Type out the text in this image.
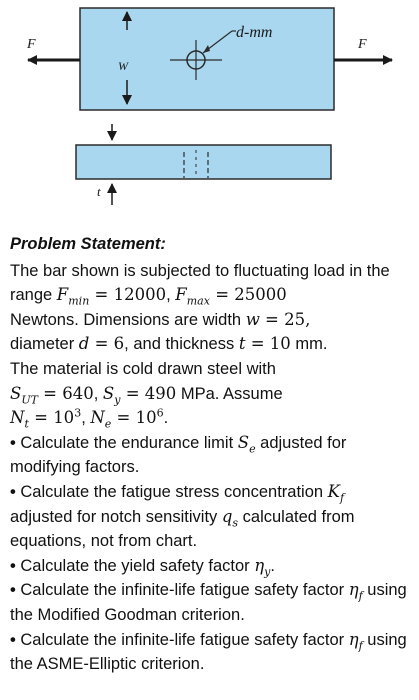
F	F
W
d-mm
t
Problem Statement:

The bar shown is subjected to fluctuating load in the range $F_{min} = 12000$, $F_{max} = 25000$
Newtons. Dimensions are width w = 25,
diameter d = 6, and thickness t = 10 mm.
The material is cold drawn steel with
$S_{UT} = 640$, $S_y = 490$ MPa. Assume
$N_t = 10^3$, $N_e = 10^6$.

• Calculate the endurance limit $S_e$ adjusted for modifying factors.

• Calculate the fatigue stress concentration $K_f$ adjusted for notch sensitivity $q_s$ calculated from equations, not from chart.

• Calculate the yield safety factor $\eta_y$.

• Calculate the infinite-life fatigue safety factor $\eta_f$ using the Modified Goodman criterion.

• Calculate the infinite-life fatigue safety factor $\eta_f$ using the ASME-Elliptic criterion.
